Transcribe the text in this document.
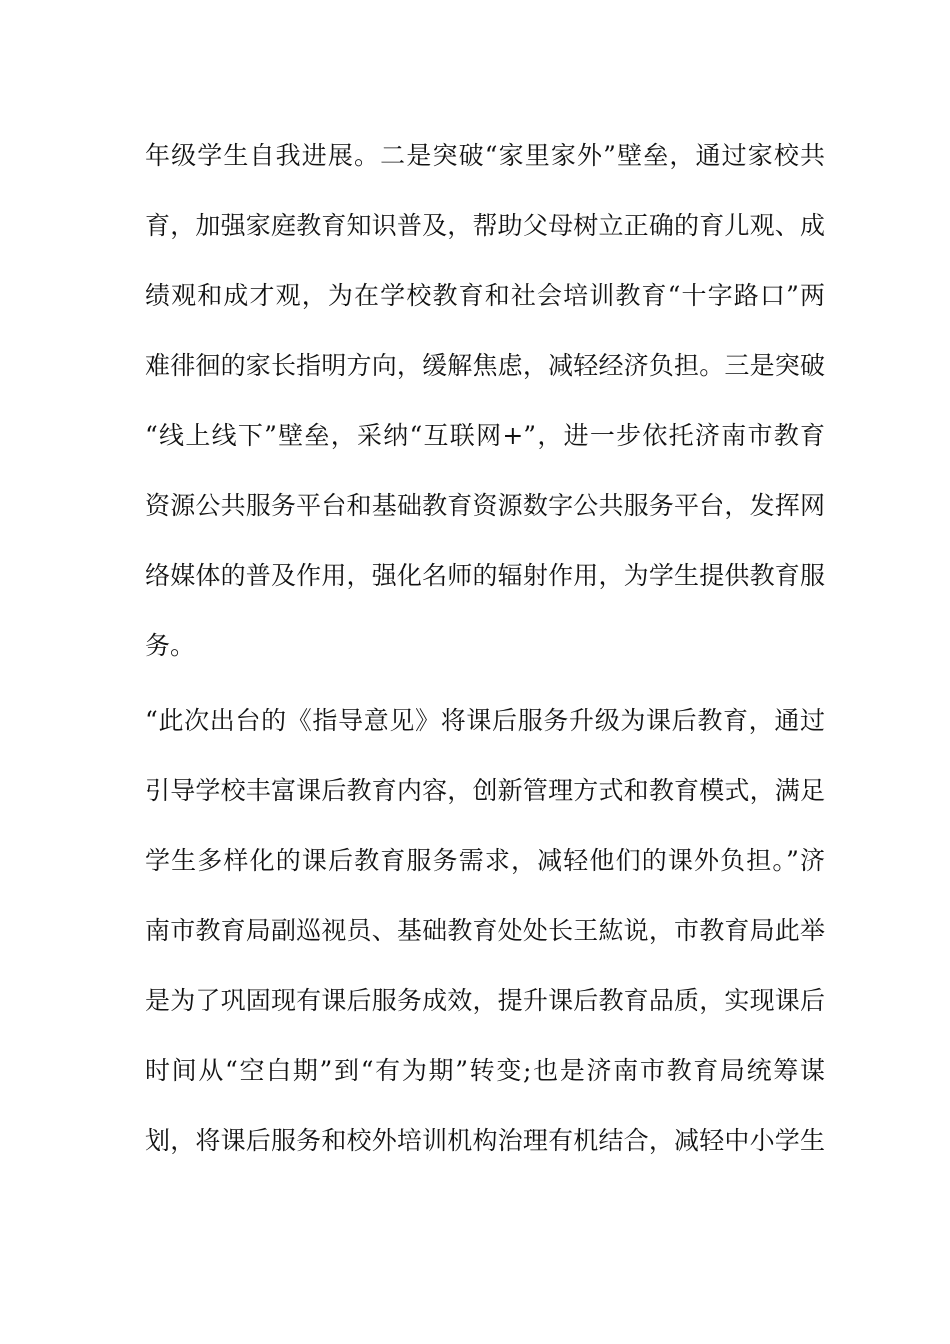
年级学生自我进展。二是突破“家里家外”壁垒，通过家校共
育，加强家庭教育知识普及，帮助父母树立正确的育儿观、成
绩观和成才观，为在学校教育和社会培训教育“十字路口”两
难徘徊的家长指明方向，缓解焦虑，减轻经济负担。三是突破
“线上线下”壁垒，采纳“互联网+”，进一步依托济南市教育
资源公共服务平台和基础教育资源数字公共服务平台，发挥网
络媒体的普及作用，强化名师的辐射作用，为学生提供教育服
务。
“此次出台的《指导意见》将课后服务升级为课后教育，通过
引导学校丰富课后教育内容，创新管理方式和教育模式，满足
学生多样化的课后教育服务需求，减轻他们的课外负担。”济
南市教育局副巡视员、基础教育处处长王紘说，市教育局此举
是为了巩固现有课后服务成效，提升课后教育品质，实现课后
时间从“空白期”到“有为期”转变;也是济南市教育局统筹谋
划，将课后服务和校外培训机构治理有机结合，减轻中小学生
